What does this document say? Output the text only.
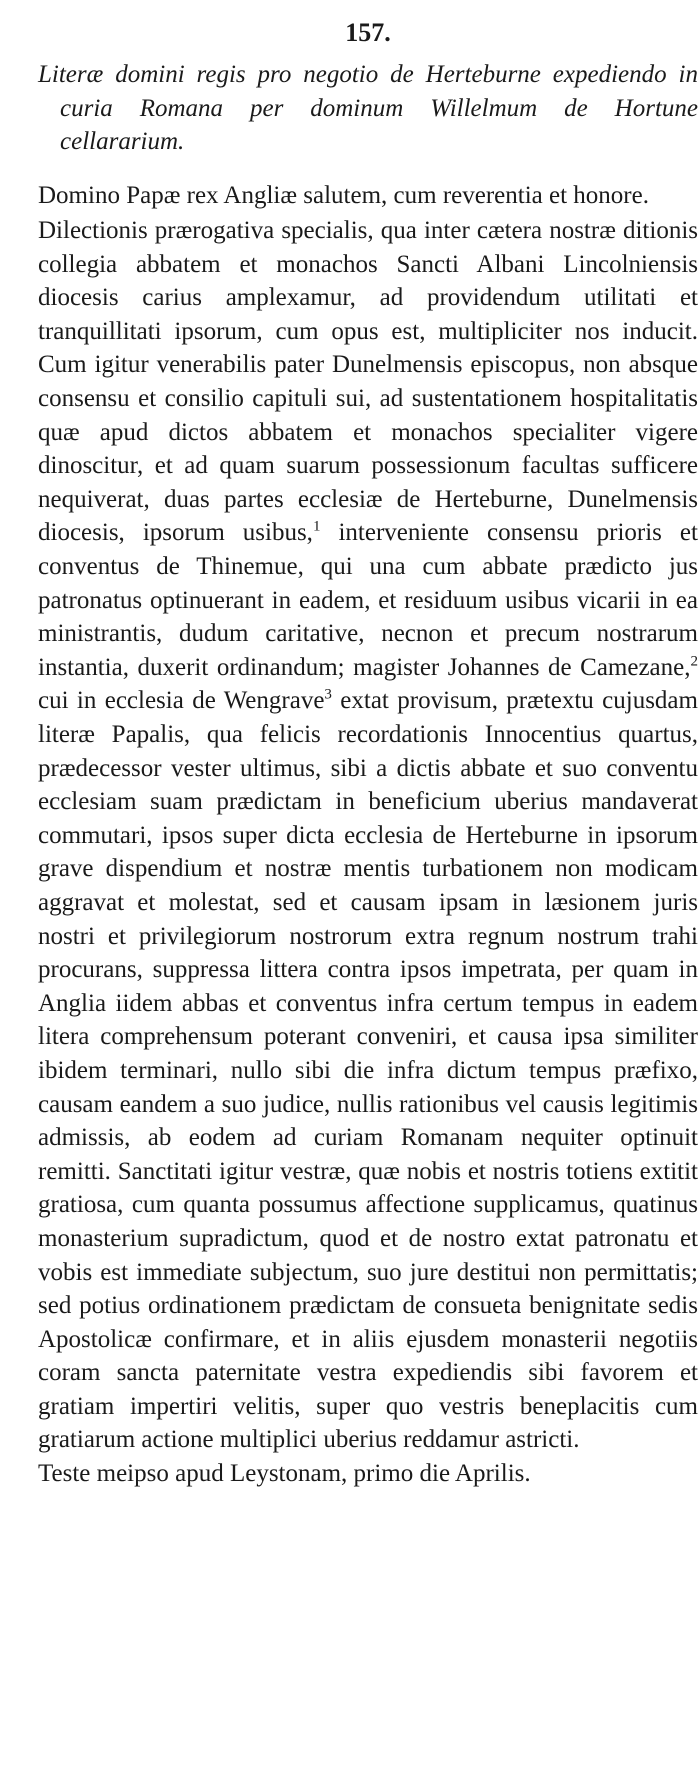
157.

Literæ domini regis pro negotio de Herteburne expediendo in curia Romana per dominum Willelmum de Hortune cellararium.

Domino Papæ rex Angliæ salutem, cum reverentia et honore.

Dilectionis prærogativa specialis, qua inter cætera nostræ ditionis collegia abbatem et monachos Sancti Albani Lincolniensis diocesis carius amplexamur, ad providendum utilitati et tranquillitati ipsorum, cum opus est, multipliciter nos inducit. Cum igitur venerabilis pater Dunelmensis episcopus, non absque consensu et consilio capituli sui, ad sustentationem hospitalitatis quæ apud dictos abbatem et monachos specialiter vigere dinoscitur, et ad quam suarum possessionum facultas sufficere nequiverat, duas partes ecclesiæ de Herteburne, Dunelmensis diocesis, ipsorum usibus,$^1$ interveniente consensu prioris et conventus de Thinemue, qui una cum abbate prædicto jus patronatus optinuerant in eadem, et residuum usibus vicarii in ea ministrantis, dudum caritative, necnon et precum nostrarum instantia, duxerit ordinandum; magister Johannes de Camezane,$^2$ cui in ecclesia de Wengrave$^3$ extat provisum, prætextu cujusdam literæ Papalis, qua felicis recordationis Innocentius quartus, prædecessor vester ultimus, sibi a dictis abbate et suo conventu ecclesiam suam prædictam in beneficium uberius mandaverat commutari, ipsos super dicta ecclesia de Herteburne in ipsorum grave dispendium et nostræ mentis turbationem non modicam aggravat et molestat, sed et causam ipsam in læsionem juris nostri et privilegiorum nostrorum extra regnum nostrum trahi procurans, suppressa littera contra ipsos impetrata, per quam in Anglia iidem abbas et conventus infra certum tempus in eadem litera comprehensum poterant conveniri, et causa ipsa similiter ibidem terminari, nullo sibi die infra dictum tempus præfixo, causam eandem a suo judice, nullis rationibus vel causis legitimis admissis, ab eodem ad curiam Romanam nequiter optinuit remitti. Sanctitati igitur vestræ, quæ nobis et nostris totiens extitit gratiosa, cum quanta possumus affectione supplicamus, quatinus monasterium supradictum, quod et de nostro extat patronatu et vobis est immediate subjectum, suo jure destitui non permittatis; sed potius ordinationem prædictam de consueta benignitate sedis Apostolicæ confirmare, et in aliis ejusdem monasterii negotiis coram sancta paternitate vestra expediendis sibi favorem et gratiam impertiri velitis, super quo vestris beneplacitis cum gratiarum actione multiplici uberius reddamur astricti.

Teste meipso apud Leystonam, primo die Aprilis.
